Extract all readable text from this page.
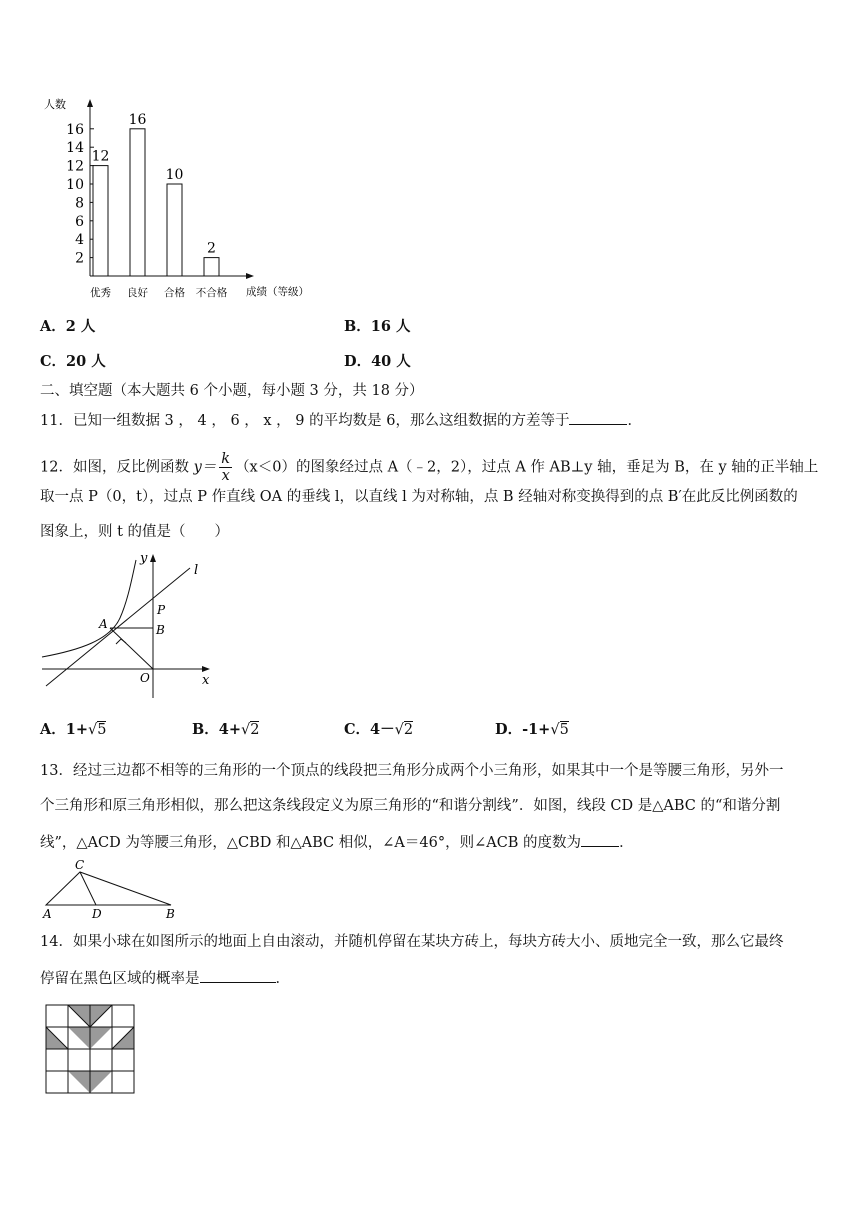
人数
成绩（等级）
2
4
6
8
10
12
14
16
12
优秀
16
良好
10
合格
2
不合格
A．2 人	B．16 人
C．20 人	D．40 人
二、填空题（本大题共 6 个小题，每小题 3 分，共 18 分）
11．已知一组数据 3 ， 4 ， 6 ， x ， 9 的平均数是 6，那么这组数据的方差等于	．
12．如图，反比例函数 $y= \frac{k}{x} (x<0)$的图象经过点 A（﹣2，2），过点 A 作 AB⊥y 轴，垂足为 B，在 y 轴的正半轴上
取一点 P（0，t），过点 P 作直线 OA 的垂线 l，以直线 l 为对称轴，点 B 经轴对称变换得到的点 B′在此反比例函数的
图象上，则 t 的值是（　　）
y
l
P
A	B
O	x
A．1+√5	B．4+√2	C．4－√2	D．-1+√5
13．经过三边都不相等的三角形的一个顶点的线段把三角形分成两个小三角形，如果其中一个是等腰三角形，另外一
个三角形和原三角形相似，那么把这条线段定义为原三角形的“和谐分割线”．如图，线段 CD 是△ABC 的“和谐分割
线”，△ACD 为等腰三角形，△CBD 和△ABC 相似，∠A＝46°，则∠ACB 的度数为	．
C
A	D	B
14．如果小球在如图所示的地面上自由滚动，并随机停留在某块方砖上，每块方砖大小、质地完全一致，那么它最终
停留在黑色区域的概率是	．
